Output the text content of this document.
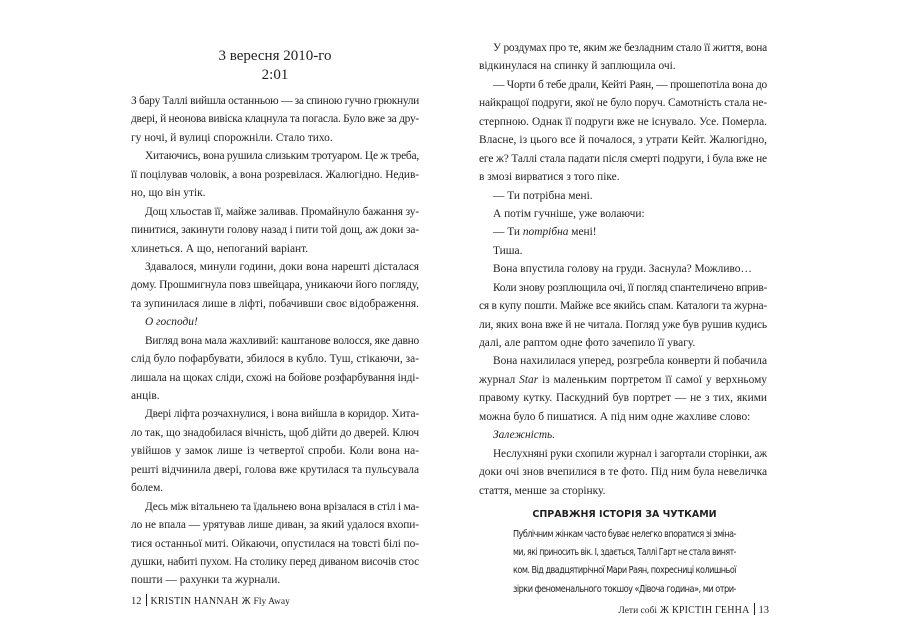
3 вересня 2010-го
2:01
З бару Таллі вийшла останньою — за спиною гучно грюкнули
двері, й неонова вивіска клацнула та погасла. Було вже за дру-
гу ночі, й вулиці спорожніли. Стало тихо.
Хитаючись, вона рушила слизьким тротуаром. Це ж треба,
її поцілував чоловік, а вона розревілася. Жалюгідно. Недив-
но, що він утік.
Дощ хльостав її, майже заливав. Промайнуло бажання зу-
пинитися, закинути голову назад і пити той дощ, аж доки за-
хлинеться. А що, непоганий варіант.
Здавалося, минули години, доки вона нарешті дісталася
дому. Прошмигнула повз швейцара, уникаючи його погляду,
та зупинилася лише в ліфті, побачивши своє відображення.
О господи!
Вигляд вона мала жахливий: каштанове волосся, яке давно
слід було пофарбувати, збилося в кубло. Туш, стікаючи, за-
лишала на щоках сліди, схожі на бойове розфарбування інді-
анців.
Двері ліфта розчахнулися, і вона вийшла в коридор. Хита-
ло так, що знадобилася вічність, щоб дійти до дверей. Ключ
увійшов у замок лише із четвертої спроби. Коли вона на-
решті відчинила двері, голова вже крутилася та пульсувала
болем.
Десь між вітальнею та їдальнею вона врізалася в стіл і ма-
ло не впала — урятував лише диван, за який удалося вхопи-
тися останньої миті. Ойкаючи, опустилася на товсті білі по-
душки, набиті пухом. На столику перед диваном височів стос
пошти — рахунки та журнали.
12 KRISTIN HANNAH Ж Fly Away
У роздумах про те, яким же безладним стало її життя, вона
відкинулася на спинку й заплющила очі.
— Чорти б тебе драли, Кейті Раян, — прошепотіла вона до
найкращої подруги, якої не було поруч. Самотність стала не-
стерпною. Однак її подруги вже не існувало. Усе. Померла.
Власне, із цього все й почалося, з утрати Кейт. Жалюгідно,
еге ж? Таллі стала падати після смерті подруги, і була вже не
в змозі вирватися з того піке.
— Ти потрібна мені.
А потім гучніше, уже волаючи:
— Ти потрібна мені!
Тиша.
Вона впустила голову на груди. Заснула? Можливо…
Коли знову розплющила очі, її погляд спантеличено вприв-
ся в купу пошти. Майже все якийсь спам. Каталоги та журна-
ли, яких вона вже й не читала. Погляд уже був рушив кудись
далі, але раптом одне фото зачепило її увагу.
Вона нахилилася уперед, розгребла конверти й побачила
журнал Star із маленьким портретом її самої у верхньому
правому кутку. Паскудний був портрет — не з тих, якими
можна було б пишатися. А під ним одне жахливе слово:
Залежність.
Неслухняні руки схопили журнал і загортали сторінки, аж
доки очі знов вчепилися в те фото. Під ним була невеличка
стаття, менше за сторінку.
СПРАВЖНЯ ІСТОРІЯ ЗА ЧУТКАМИ
Публічним жінкам часто буває нелегко впоратися зі зміна-
ми, які приносить вік. І, здається, Таллі Гарт не стала винят-
ком. Від двадцятирічної Мари Раян, похресниці колишньої
зірки феноменального токшоу «Дівоча година», ми отри-
Лети собі Ж КРІСТІН ГЕННА 13
